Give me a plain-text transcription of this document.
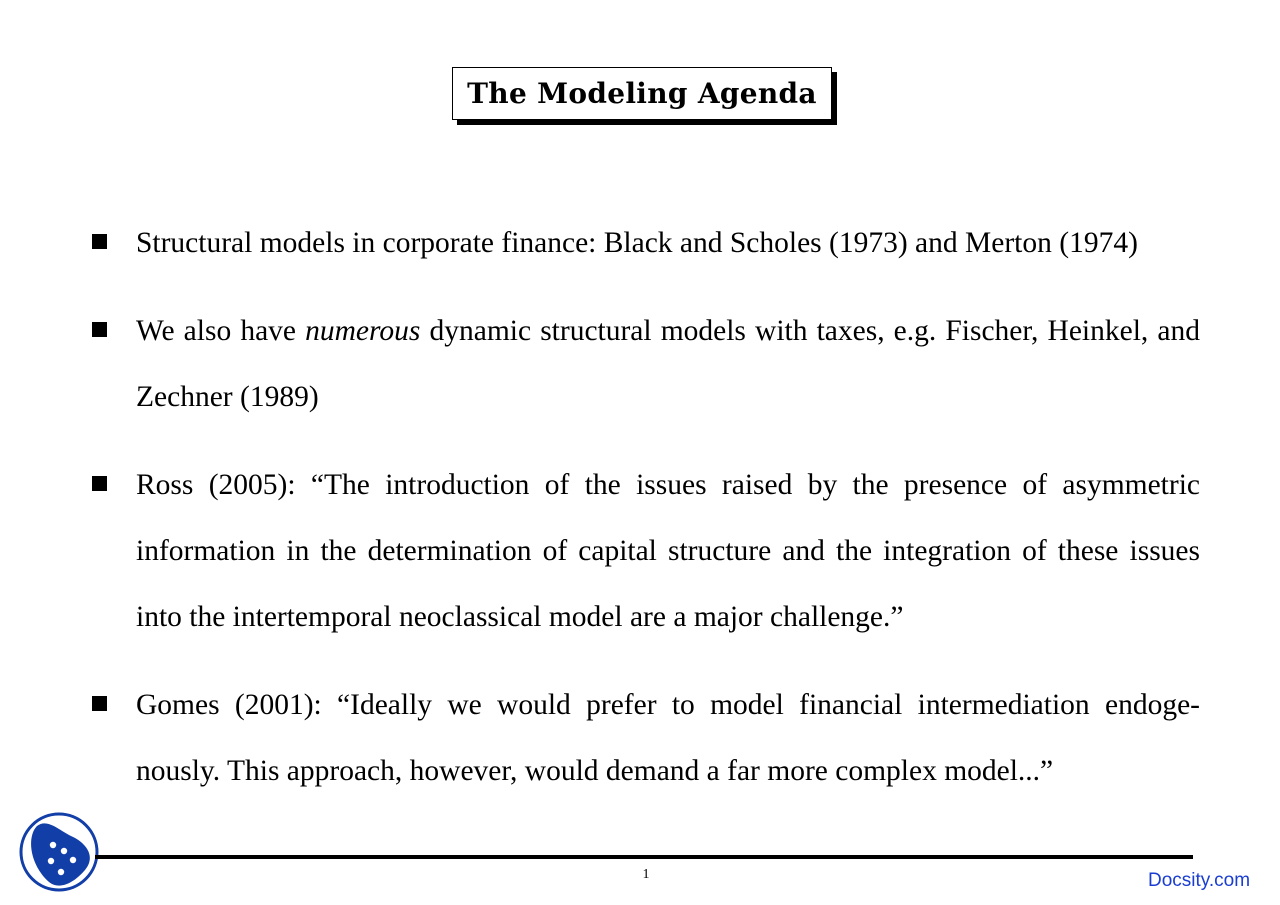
The Modeling Agenda
Structural models in corporate finance: Black and Scholes (1973) and Merton (1974)
We also have numerous dynamic structural models with taxes, e.g. Fischer, Heinkel, and Zechner (1989)
Ross (2005): “The introduction of the issues raised by the presence of asymmetric information in the determination of capital structure and the integration of these issues into the intertemporal neoclassical model are a major challenge.”
Gomes (2001): “Ideally we would prefer to model financial intermediation endoge-nously. This approach, however, would demand a far more complex model...”
1	Docsity.com
